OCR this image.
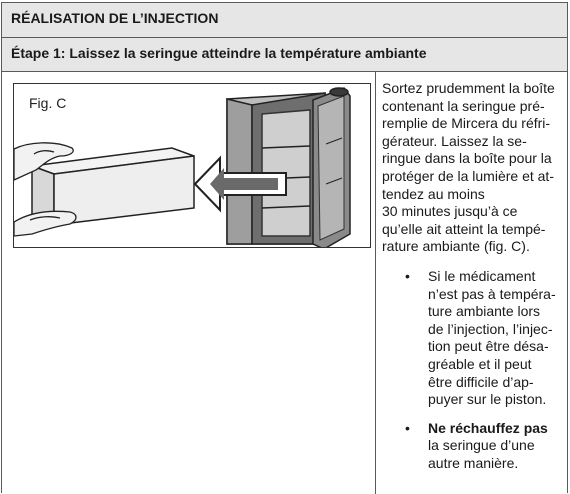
RÉALISATION DE L’INJECTION
Étape 1: Laissez la seringue atteindre la température ambiante
Fig. C

Sortez prudemment la boîte
contenant la seringue pré-
remplie de Mircera du réfri-
gérateur. Laissez la se-
ringue dans la boîte pour la
protéger de la lumière et at-
tendez au moins
30 minutes jusqu’à ce
qu’elle ait atteint la tempé-
rature ambiante (fig. C).

• Si le médicament
n’est pas à tempéra-
ture ambiante lors
de l’injection, l’injec-
tion peut être désa-
gréable et il peut
être difficile d’ap-
puyer sur le piston.
• Ne réchauffez pas
la seringue d’une
autre manière.
